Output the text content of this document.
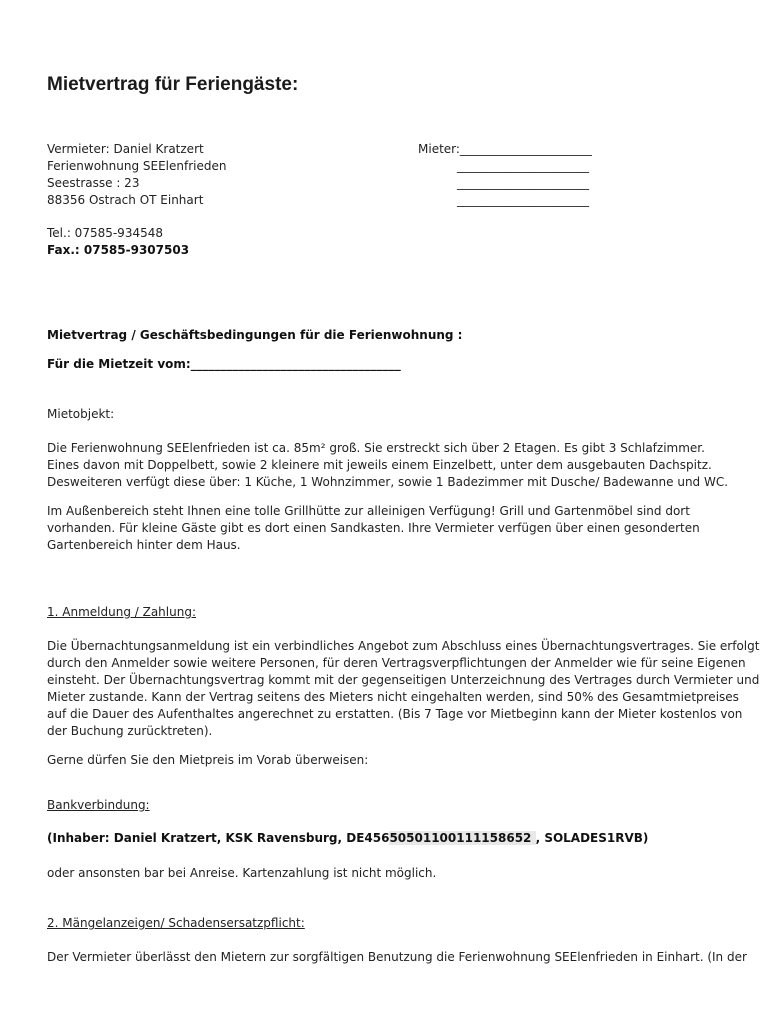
Mietvertrag für Feriengäste:
Vermieter: Daniel Kratzert
Ferienwohnung SEElenfrieden
Seestrasse : 23
88356 Ostrach OT Einhart
Mieter:______________________
______________________
______________________
______________________
Tel.: 07585-934548
Fax.: 07585-9307503
Mietvertrag / Geschäftsbedingungen für die Ferienwohnung :
Für die Mietzeit vom:___________________________________
Mietobjekt:
Die Ferienwohnung SEElenfrieden ist ca. 85m² groß. Sie erstreckt sich über 2 Etagen. Es gibt 3 Schlafzimmer.
Eines davon mit Doppelbett, sowie 2 kleinere mit jeweils einem Einzelbett, unter dem ausgebauten Dachspitz.
Desweiteren verfügt diese über: 1 Küche, 1 Wohnzimmer, sowie 1 Badezimmer mit Dusche/ Badewanne und WC.
Im Außenbereich steht Ihnen eine tolle Grillhütte zur alleinigen Verfügung! Grill und Gartenmöbel sind dort
vorhanden. Für kleine Gäste gibt es dort einen Sandkasten. Ihre Vermieter verfügen über einen gesonderten
Gartenbereich hinter dem Haus.
1. Anmeldung / Zahlung:
Die Übernachtungsanmeldung ist ein verbindliches Angebot zum Abschluss eines Übernachtungsvertrages. Sie erfolgt
durch den Anmelder sowie weitere Personen, für deren Vertragsverpflichtungen der Anmelder wie für seine Eigenen
einsteht. Der Übernachtungsvertrag kommt mit der gegenseitigen Unterzeichnung des Vertrages durch Vermieter und
Mieter zustande. Kann der Vertrag seitens des Mieters nicht eingehalten werden, sind 50% des Gesamtmietpreises
auf die Dauer des Aufenthaltes angerechnet zu erstatten. (Bis 7 Tage vor Mietbeginn kann der Mieter kostenlos von
der Buchung zurücktreten).
Gerne dürfen Sie den Mietpreis im Vorab überweisen:
Bankverbindung:
(Inhaber: Daniel Kratzert, KSK Ravensburg, DE45650501100111158652 , SOLADES1RVB)
oder ansonsten bar bei Anreise. Kartenzahlung ist nicht möglich.
2. Mängelanzeigen/ Schadensersatzpflicht:
Der Vermieter überlässt den Mietern zur sorgfältigen Benutzung die Ferienwohnung SEElenfrieden in Einhart. (In der
